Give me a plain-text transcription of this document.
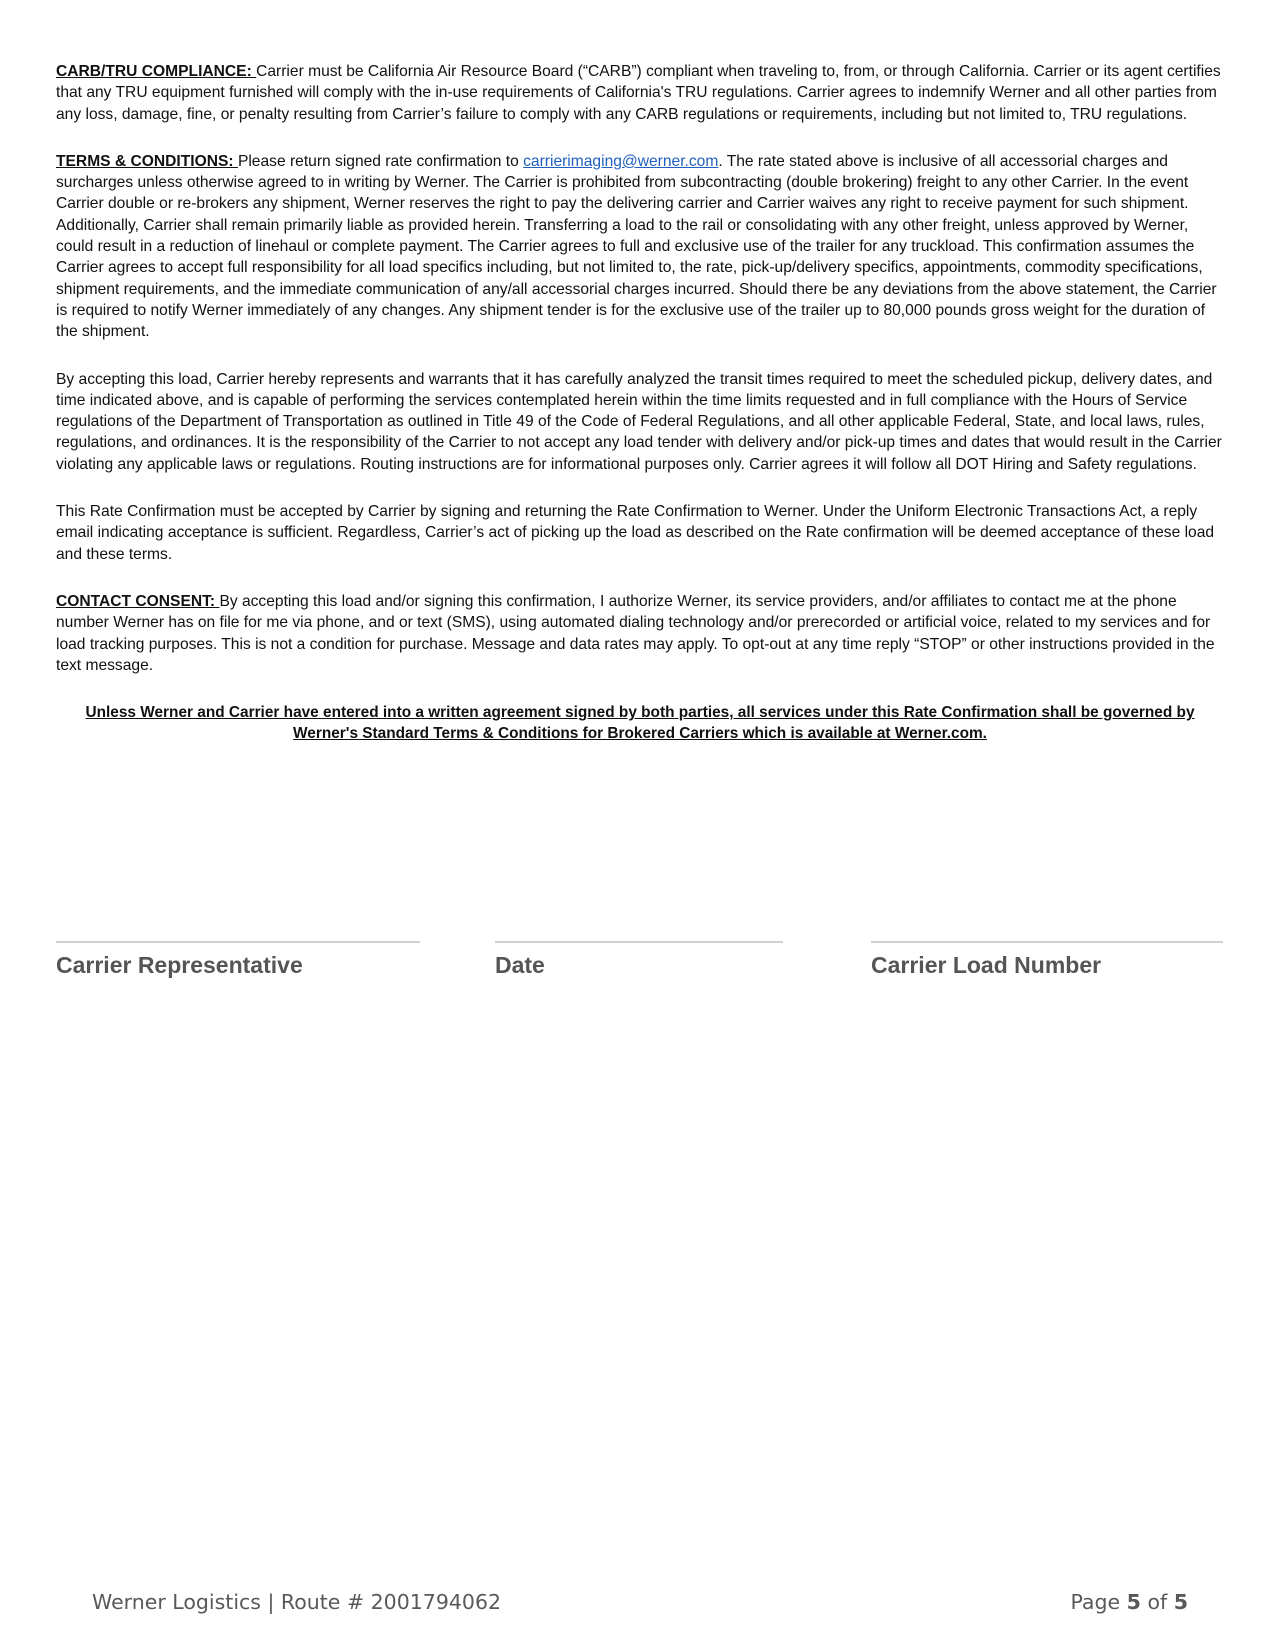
CARB/TRU COMPLIANCE: Carrier must be California Air Resource Board (“CARB”) compliant when traveling to, from, or through California. Carrier or its agent certifies that any TRU equipment furnished will comply with the in-use requirements of California's TRU regulations. Carrier agrees to indemnify Werner and all other parties from any loss, damage, fine, or penalty resulting from Carrier’s failure to comply with any CARB regulations or requirements, including but not limited to, TRU regulations.

TERMS & CONDITIONS: Please return signed rate confirmation to carrierimaging@werner.com. The rate stated above is inclusive of all accessorial charges and surcharges unless otherwise agreed to in writing by Werner. The Carrier is prohibited from subcontracting (double brokering) freight to any other Carrier. In the event Carrier double or re-brokers any shipment, Werner reserves the right to pay the delivering carrier and Carrier waives any right to receive payment for such shipment. Additionally, Carrier shall remain primarily liable as provided herein. Transferring a load to the rail or consolidating with any other freight, unless approved by Werner, could result in a reduction of linehaul or complete payment. The Carrier agrees to full and exclusive use of the trailer for any truckload. This confirmation assumes the Carrier agrees to accept full responsibility for all load specifics including, but not limited to, the rate, pick-up/delivery specifics, appointments, commodity specifications, shipment requirements, and the immediate communication of any/all accessorial charges incurred. Should there be any deviations from the above statement, the Carrier is required to notify Werner immediately of any changes. Any shipment tender is for the exclusive use of the trailer up to 80,000 pounds gross weight for the duration of the shipment.

By accepting this load, Carrier hereby represents and warrants that it has carefully analyzed the transit times required to meet the scheduled pickup, delivery dates, and time indicated above, and is capable of performing the services contemplated herein within the time limits requested and in full compliance with the Hours of Service regulations of the Department of Transportation as outlined in Title 49 of the Code of Federal Regulations, and all other applicable Federal, State, and local laws, rules, regulations, and ordinances. It is the responsibility of the Carrier to not accept any load tender with delivery and/or pick-up times and dates that would result in the Carrier violating any applicable laws or regulations. Routing instructions are for informational purposes only. Carrier agrees it will follow all DOT Hiring and Safety regulations.

This Rate Confirmation must be accepted by Carrier by signing and returning the Rate Confirmation to Werner. Under the Uniform Electronic Transactions Act, a reply email indicating acceptance is sufficient. Regardless, Carrier’s act of picking up the load as described on the Rate confirmation will be deemed acceptance of these load and these terms.

CONTACT CONSENT: By accepting this load and/or signing this confirmation, I authorize Werner, its service providers, and/or affiliates to contact me at the phone number Werner has on file for me via phone, and or text (SMS), using automated dialing technology and/or prerecorded or artificial voice, related to my services and for load tracking purposes. This is not a condition for purchase. Message and data rates may apply. To opt-out at any time reply “STOP” or other instructions provided in the text message.

Unless Werner and Carrier have entered into a written agreement signed by both parties, all services under this Rate Confirmation shall be governed by Werner's Standard Terms & Conditions for Brokered Carriers which is available at Werner.com.

Carrier Representative	Date	Carrier Load Number
Werner Logistics | Route # 2001794062	Page 5 of 5
